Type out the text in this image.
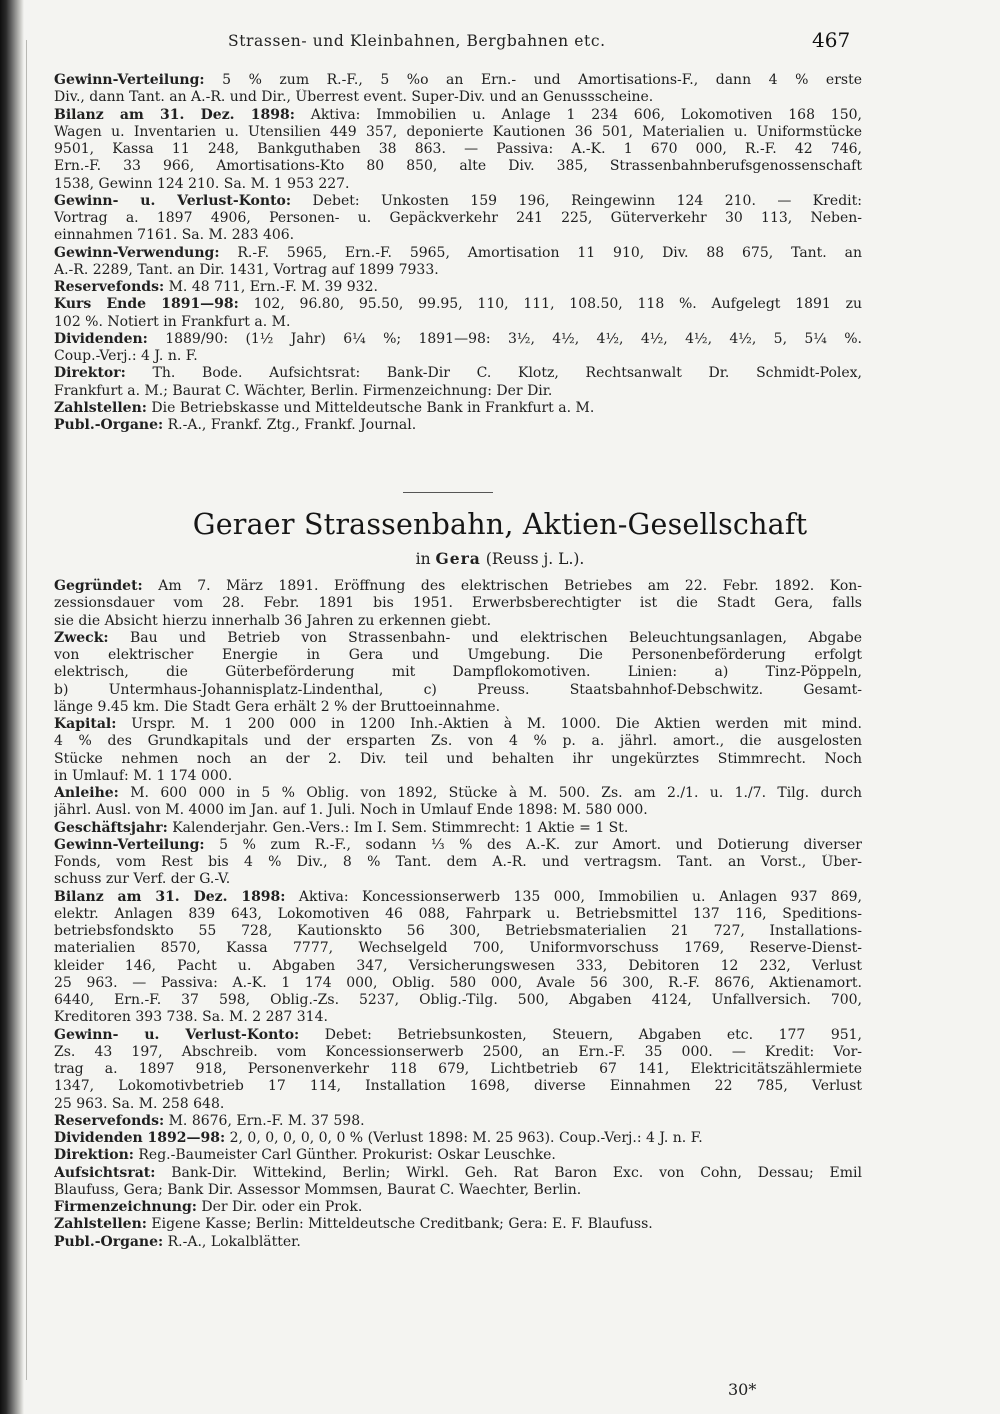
Strassen- und Kleinbahnen, Bergbahnen etc.	467
Gewinn-Verteilung: 5 % zum R.-F., 5 %o an Ern.- und Amortisations-F., dann 4 % erste
Div., dann Tant. an A.-R. und Dir., Überrest event. Super-Div. und an Genussscheine.
Bilanz am 31. Dez. 1898: Aktiva: Immobilien u. Anlage 1 234 606, Lokomotiven 168 150,
Wagen u. Inventarien u. Utensilien 449 357, deponierte Kautionen 36 501, Materialien u. Uniformstücke
9501, Kassa 11 248, Bankguthaben 38 863. — Passiva: A.-K. 1 670 000, R.-F. 42 746,
Ern.-F. 33 966, Amortisations-Kto 80 850, alte Div. 385, Strassenbahnberufsgenossenschaft
1538, Gewinn 124 210. Sa. M. 1 953 227.
Gewinn- u. Verlust-Konto: Debet: Unkosten 159 196, Reingewinn 124 210. — Kredit:
Vortrag a. 1897 4906, Personen- u. Gepäckverkehr 241 225, Güterverkehr 30 113, Neben-
einnahmen 7161. Sa. M. 283 406.
Gewinn-Verwendung: R.-F. 5965, Ern.-F. 5965, Amortisation 11 910, Div. 88 675, Tant. an
A.-R. 2289, Tant. an Dir. 1431, Vortrag auf 1899 7933.
Reservefonds: M. 48 711, Ern.-F. M. 39 932.
Kurs Ende 1891—98: 102, 96.80, 95.50, 99.95, 110, 111, 108.50, 118 %. Aufgelegt 1891 zu
102 %. Notiert in Frankfurt a. M.
Dividenden: 1889/90: (1½ Jahr) 6¼ %; 1891—98: 3½, 4½, 4½, 4½, 4½, 4½, 5, 5¼ %.
Coup.-Verj.: 4 J. n. F.
Direktor: Th. Bode. Aufsichtsrat: Bank-Dir C. Klotz, Rechtsanwalt Dr. Schmidt-Polex,
Frankfurt a. M.; Baurat C. Wächter, Berlin. Firmenzeichnung: Der Dir.
Zahlstellen: Die Betriebskasse und Mitteldeutsche Bank in Frankfurt a. M.
Publ.-Organe: R.-A., Frankf. Ztg., Frankf. Journal.
Geraer Strassenbahn, Aktien-Gesellschaft
in Gera (Reuss j. L.).
Gegründet: Am 7. März 1891. Eröffnung des elektrischen Betriebes am 22. Febr. 1892. Kon-
zessionsdauer vom 28. Febr. 1891 bis 1951. Erwerbsberechtigter ist die Stadt Gera, falls
sie die Absicht hierzu innerhalb 36 Jahren zu erkennen giebt.
Zweck: Bau und Betrieb von Strassenbahn- und elektrischen Beleuchtungsanlagen, Abgabe
von elektrischer Energie in Gera und Umgebung. Die Personenbeförderung erfolgt
elektrisch, die Güterbeförderung mit Dampflokomotiven. Linien: a) Tinz-Pöppeln,
b) Untermhaus-Johannisplatz-Lindenthal, c) Preuss. Staatsbahnhof-Debschwitz. Gesamt-
länge 9.45 km. Die Stadt Gera erhält 2 % der Bruttoeinnahme.
Kapital: Urspr. M. 1 200 000 in 1200 Inh.-Aktien à M. 1000. Die Aktien werden mit mind.
4 % des Grundkapitals und der ersparten Zs. von 4 % p. a. jährl. amort., die ausgelosten
Stücke nehmen noch an der 2. Div. teil und behalten ihr ungekürztes Stimmrecht. Noch
in Umlauf: M. 1 174 000.
Anleihe: M. 600 000 in 5 % Oblig. von 1892, Stücke à M. 500. Zs. am 2./1. u. 1./7. Tilg. durch
jährl. Ausl. von M. 4000 im Jan. auf 1. Juli. Noch in Umlauf Ende 1898: M. 580 000.
Geschäftsjahr: Kalenderjahr. Gen.-Vers.: Im I. Sem. Stimmrecht: 1 Aktie = 1 St.
Gewinn-Verteilung: 5 % zum R.-F., sodann ⅓ % des A.-K. zur Amort. und Dotierung diverser
Fonds, vom Rest bis 4 % Div., 8 % Tant. dem A.-R. und vertragsm. Tant. an Vorst., Über-
schuss zur Verf. der G.-V.
Bilanz am 31. Dez. 1898: Aktiva: Koncessionserwerb 135 000, Immobilien u. Anlagen 937 869,
elektr. Anlagen 839 643, Lokomotiven 46 088, Fahrpark u. Betriebsmittel 137 116, Speditions-
betriebsfondskto 55 728, Kautionskto 56 300, Betriebsmaterialien 21 727, Installations-
materialien 8570, Kassa 7777, Wechselgeld 700, Uniformvorschuss 1769, Reserve-Dienst-
kleider 146, Pacht u. Abgaben 347, Versicherungswesen 333, Debitoren 12 232, Verlust
25 963. — Passiva: A.-K. 1 174 000, Oblig. 580 000, Avale 56 300, R.-F. 8676, Aktienamort.
6440, Ern.-F. 37 598, Oblig.-Zs. 5237, Oblig.-Tilg. 500, Abgaben 4124, Unfallversich. 700,
Kreditoren 393 738. Sa. M. 2 287 314.
Gewinn- u. Verlust-Konto: Debet: Betriebsunkosten, Steuern, Abgaben etc. 177 951,
Zs. 43 197, Abschreib. vom Koncessionserwerb 2500, an Ern.-F. 35 000. — Kredit: Vor-
trag a. 1897 918, Personenverkehr 118 679, Lichtbetrieb 67 141, Elektricitätszählermiete
1347, Lokomotivbetrieb 17 114, Installation 1698, diverse Einnahmen 22 785, Verlust
25 963. Sa. M. 258 648.
Reservefonds: M. 8676, Ern.-F. M. 37 598.
Dividenden 1892—98: 2, 0, 0, 0, 0, 0, 0 % (Verlust 1898: M. 25 963). Coup.-Verj.: 4 J. n. F.
Direktion: Reg.-Baumeister Carl Günther. Prokurist: Oskar Leuschke.
Aufsichtsrat: Bank-Dir. Wittekind, Berlin; Wirkl. Geh. Rat Baron Exc. von Cohn, Dessau; Emil
Blaufuss, Gera; Bank Dir. Assessor Mommsen, Baurat C. Waechter, Berlin.
Firmenzeichnung: Der Dir. oder ein Prok.
Zahlstellen: Eigene Kasse; Berlin: Mitteldeutsche Creditbank; Gera: E. F. Blaufuss.
Publ.-Organe: R.-A., Lokalblätter.
30*
